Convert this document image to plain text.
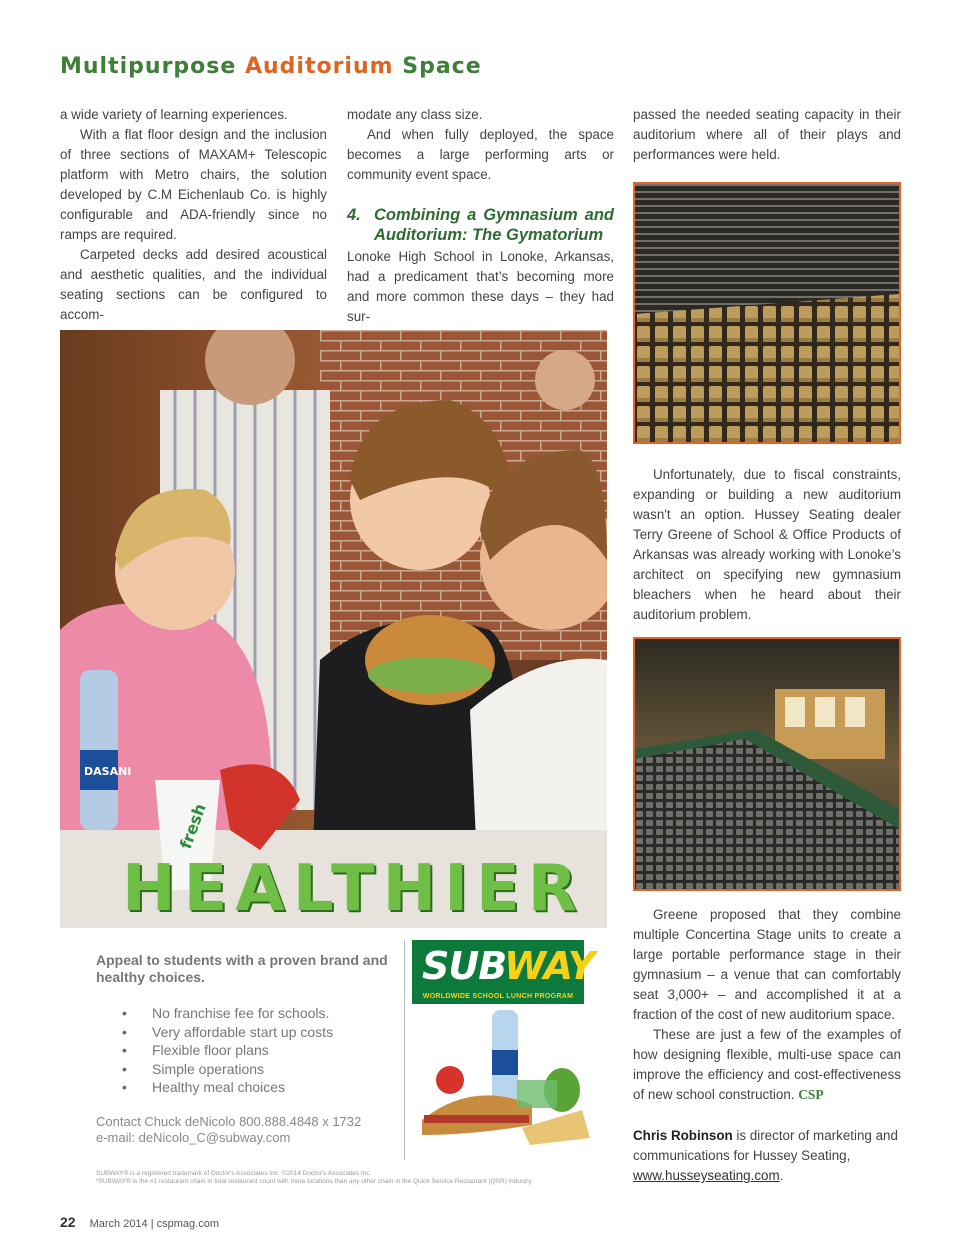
Multipurpose Auditorium Space

a wide variety of learning experiences.

With a flat floor design and the inclusion of three sections of MAXAM+ Telescopic platform with Metro chairs, the solution developed by C.M Eichenlaub Co. is highly configurable and ADA-friendly since no ramps are required.

Carpeted decks add desired acoustical and aesthetic qualities, and the individual seating sections can be configured to accom-

modate any class size.

And when fully deployed, the space becomes a large performing arts or community event space.

4. Combining a Gymnasium and Auditorium: The Gymatorium

Lonoke High School in Lonoke, Arkansas, had a predicament that’s becoming more and more common these days – they had sur-

passed the needed seating capacity in their auditorium where all of their plays and performances were held.

Unfortunately, due to fiscal constraints, expanding or building a new auditorium wasn't an option. Hussey Seating dealer Terry Greene of School & Office Products of Arkansas was already working with Lonoke’s architect on specifying new gymnasium bleachers when he heard about their auditorium problem.

Greene proposed that they combine multiple Concertina Stage units to create a large portable performance stage in their gymnasium – a venue that can comfortably seat 3,000+ – and accomplished it at a fraction of the cost of new auditorium space.

These are just a few of the examples of how designing flexible, multi-use space can improve the efficiency and cost-effectiveness of new school construction. CSP

Chris Robinson is director of marketing and communications for Hussey Seating, www.husseyseating.com.
DASANI
fresh
HEALTHIER
Appeal to students with a proven brand and healthy choices.
• No franchise fee for schools.
• Very affordable start up costs
• Flexible floor plans
• Simple operations
• Healthy meal choices
Contact Chuck deNicolo 800.888.4848 x 1732
e-mail: deNicolo_C@subway.com
SUBWAY
WORLDWIDE SCHOOL LUNCH PROGRAM
SUBWAY® is a registered trademark of Doctor's Associates Inc. ©2014 Doctor's Associates Inc.
*SUBWAY® is the #1 restaurant chain in total restaurant count with more locations than any other chain in the Quick Service Restaurant (QSR) industry.
22 March 2014 | cspmag.com
